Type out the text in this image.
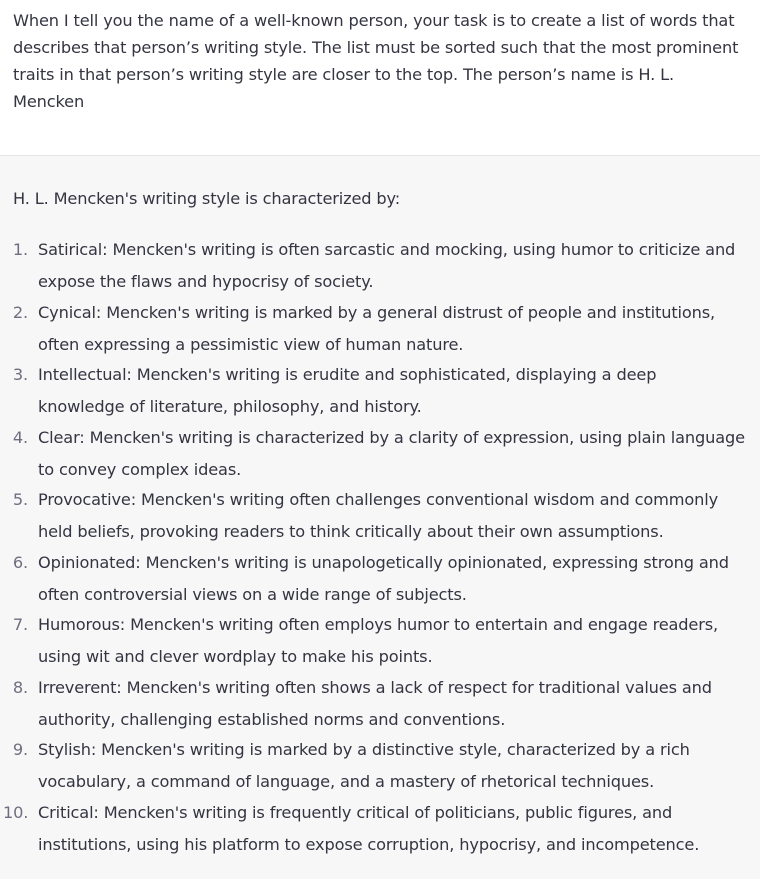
When I tell you the name of a well-known person, your task is to create a list of words that describes that person’s writing style. The list must be sorted such that the most prominent traits in that person’s writing style are closer to the top. The person’s name is H. L. Mencken

H. L. Mencken's writing style is characterized by:

1. Satirical: Mencken's writing is often sarcastic and mocking, using humor to criticize and expose the flaws and hypocrisy of society.
2. Cynical: Mencken's writing is marked by a general distrust of people and institutions, often expressing a pessimistic view of human nature.
3. Intellectual: Mencken's writing is erudite and sophisticated, displaying a deep knowledge of literature, philosophy, and history.
4. Clear: Mencken's writing is characterized by a clarity of expression, using plain language to convey complex ideas.
5. Provocative: Mencken's writing often challenges conventional wisdom and commonly held beliefs, provoking readers to think critically about their own assumptions.
6. Opinionated: Mencken's writing is unapologetically opinionated, expressing strong and often controversial views on a wide range of subjects.
7. Humorous: Mencken's writing often employs humor to entertain and engage readers, using wit and clever wordplay to make his points.
8. Irreverent: Mencken's writing often shows a lack of respect for traditional values and authority, challenging established norms and conventions.
9. Stylish: Mencken's writing is marked by a distinctive style, characterized by a rich vocabulary, a command of language, and a mastery of rhetorical techniques.
10. Critical: Mencken's writing is frequently critical of politicians, public figures, and institutions, using his platform to expose corruption, hypocrisy, and incompetence.
